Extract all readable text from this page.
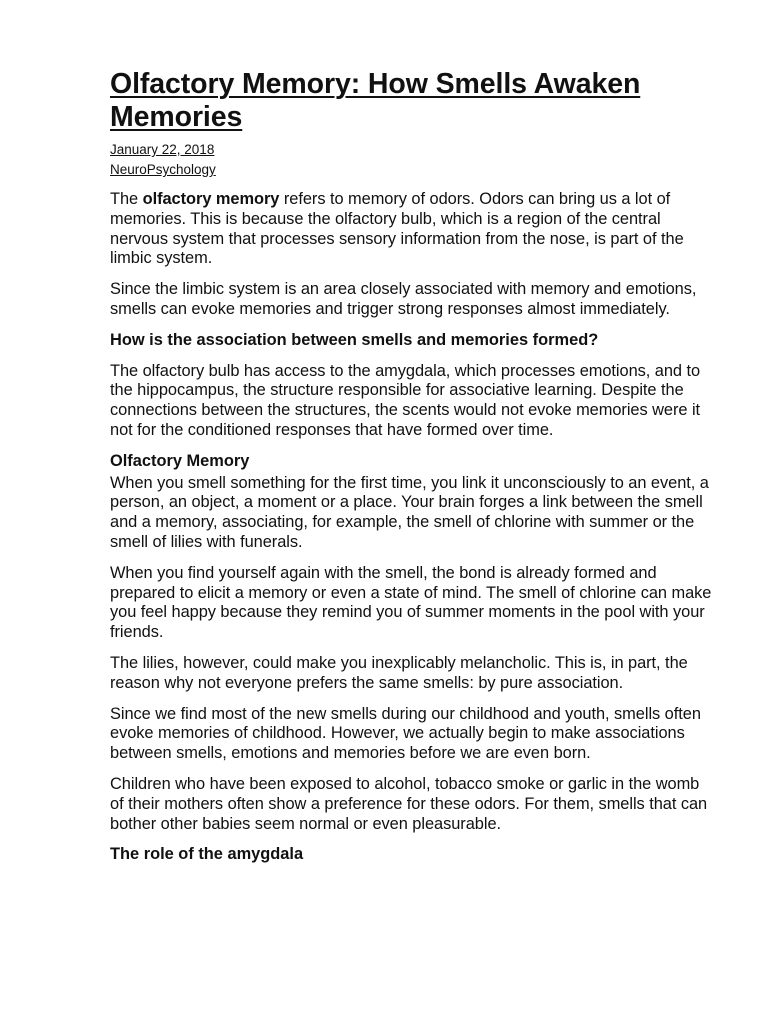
Olfactory Memory: How Smells Awaken Memories

January 22, 2018

NeuroPsychology

The olfactory memory refers to memory of odors. Odors can bring us a lot of memories. This is because the olfactory bulb, which is a region of the central nervous system that processes sensory information from the nose, is part of the limbic system.

Since the limbic system is an area closely associated with memory and emotions, smells can evoke memories and trigger strong responses almost immediately.

How is the association between smells and memories formed?

The olfactory bulb has access to the amygdala, which processes emotions, and to the hippocampus, the structure responsible for associative learning. Despite the connections between the structures, the scents would not evoke memories were it not for the conditioned responses that have formed over time.

Olfactory Memory

When you smell something for the first time, you link it unconsciously to an event, a person, an object, a moment or a place. Your brain forges a link between the smell and a memory, associating, for example, the smell of chlorine with summer or the smell of lilies with funerals.

When you find yourself again with the smell, the bond is already formed and prepared to elicit a memory or even a state of mind. The smell of chlorine can make you feel happy because they remind you of summer moments in the pool with your friends.

The lilies, however, could make you inexplicably melancholic. This is, in part, the reason why not everyone prefers the same smells: by pure association.

Since we find most of the new smells during our childhood and youth, smells often evoke memories of childhood. However, we actually begin to make associations between smells, emotions and memories before we are even born.

Children who have been exposed to alcohol, tobacco smoke or garlic in the womb of their mothers often show a preference for these odors. For them, smells that can bother other babies seem normal or even pleasurable.

The role of the amygdala
